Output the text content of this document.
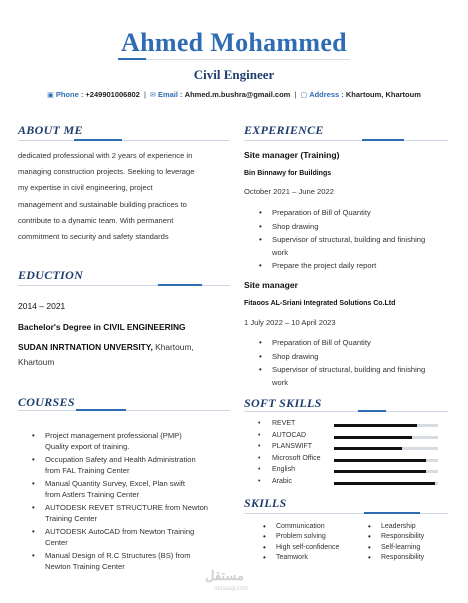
Ahmed Mohammed
Civil Engineer
▣ Phone : +249901006802 | ✉ Email : Ahmed.m.bushra@gmail.com | ▢ Address : Khartoum, Khartoum
ABOUT ME
dedicated professional with 2 years of experience in
managing construction projects. Seeking to leverage
my expertise in civil engineering, project
management and sustainable building practices to
contribute to a dynamic team. With permanent
commitment to security and safety standards
EDUCTION
2014 – 2021
Bachelor's Degree in CIVIL ENGINEERING
SUDAN INRTNATION UNVERSITY, Khartoum,
Khartoum
COURSES
• Project management professional (PMP)
Quality export of training.
• Occupation Safety and Health Administration
from FAL Training Center
• Manual Quantity Survey, Excel, Plan swift
from Astlers Training Center
• AUTODESK REVET STRUCTURE from Newton
Training Center
• AUTODESK AutoCAD from Newton Training
Center
• Manual Design of R.C Structures (BS) from
Newton Training Center
EXPERIENCE
Site manager (Training)
Bin Binnawy for Buildings
October 2021 – June 2022
• Preparation of Bill of Quantity
• Shop drawing
• Supervisor of structural, building and finishing
work
• Prepare the project daily report
Site manager
Fitaoos AL-Sriani Integrated Solutions Co.Ltd
1 July 2022 – 10 April 2023
• Preparation of Bill of Quantity
• Shop drawing
• Supervisor of structural, building and finishing
work
SOFT SKILLS
• REVET
• AUTOCAD
• PLANSWIFT
• Microsoft Office
• English
• Arabic
SKILLS
• Communication
• Problem solving
• High self-confidence
• Teamwork
• Leadership
• Responsibility
• Self-learning
• Responsibility
مستقل
mostaql.com
